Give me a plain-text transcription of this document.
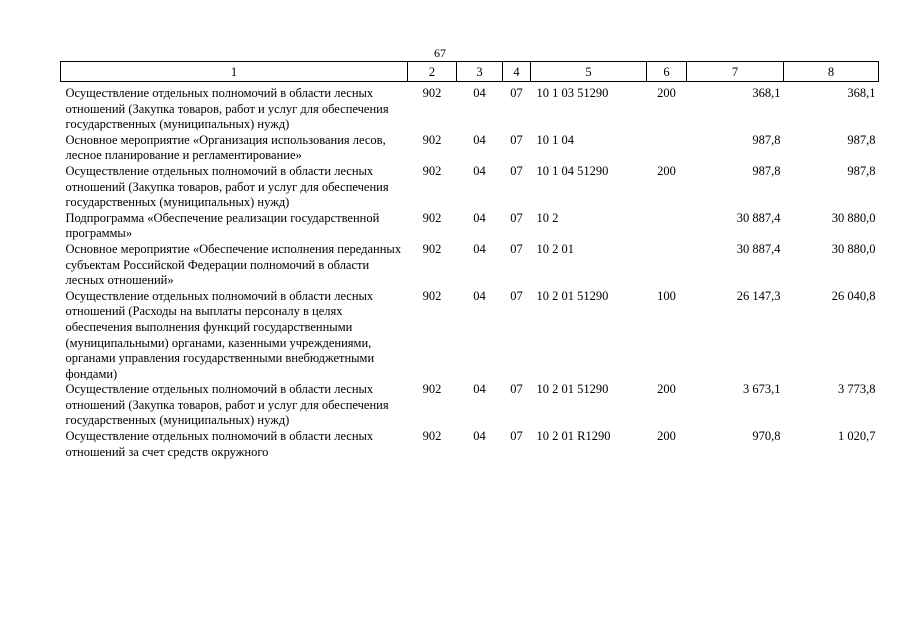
67
1	2	3	4	5	6	7	8
Осуществление отдельных полномочий в области лесных отношений (Закупка товаров, работ и услуг для обеспечения государственных (муниципальных) нужд)	902	04	07	10 1 03 51290	200	368,1	368,1
Основное мероприятие «Организация использования лесов, лесное планирование и регламентирование»	902	04	07	10 1 04		987,8	987,8
Осуществление отдельных полномочий в области лесных отношений (Закупка товаров, работ и услуг для обеспечения государственных (муниципальных) нужд)	902	04	07	10 1 04 51290	200	987,8	987,8
Подпрограмма «Обеспечение реализации государственной программы»	902	04	07	10 2		30 887,4	30 880,0
Основное мероприятие «Обеспечение исполнения переданных субъектам Российской Федерации полномочий в области лесных отношений»	902	04	07	10 2 01		30 887,4	30 880,0
Осуществление отдельных полномочий в области лесных отношений (Расходы на выплаты персоналу в целях обеспечения выполнения функций государственными (муниципальными) органами, казенными учреждениями, органами управления государственными внебюджетными фондами)	902	04	07	10 2 01 51290	100	26 147,3	26 040,8
Осуществление отдельных полномочий в области лесных отношений (Закупка товаров, работ и услуг для обеспечения государственных (муниципальных) нужд)	902	04	07	10 2 01 51290	200	3 673,1	3 773,8
Осуществление отдельных полномочий в области лесных отношений за счет средств окружного	902	04	07	10 2 01 R1290	200	970,8	1 020,7
